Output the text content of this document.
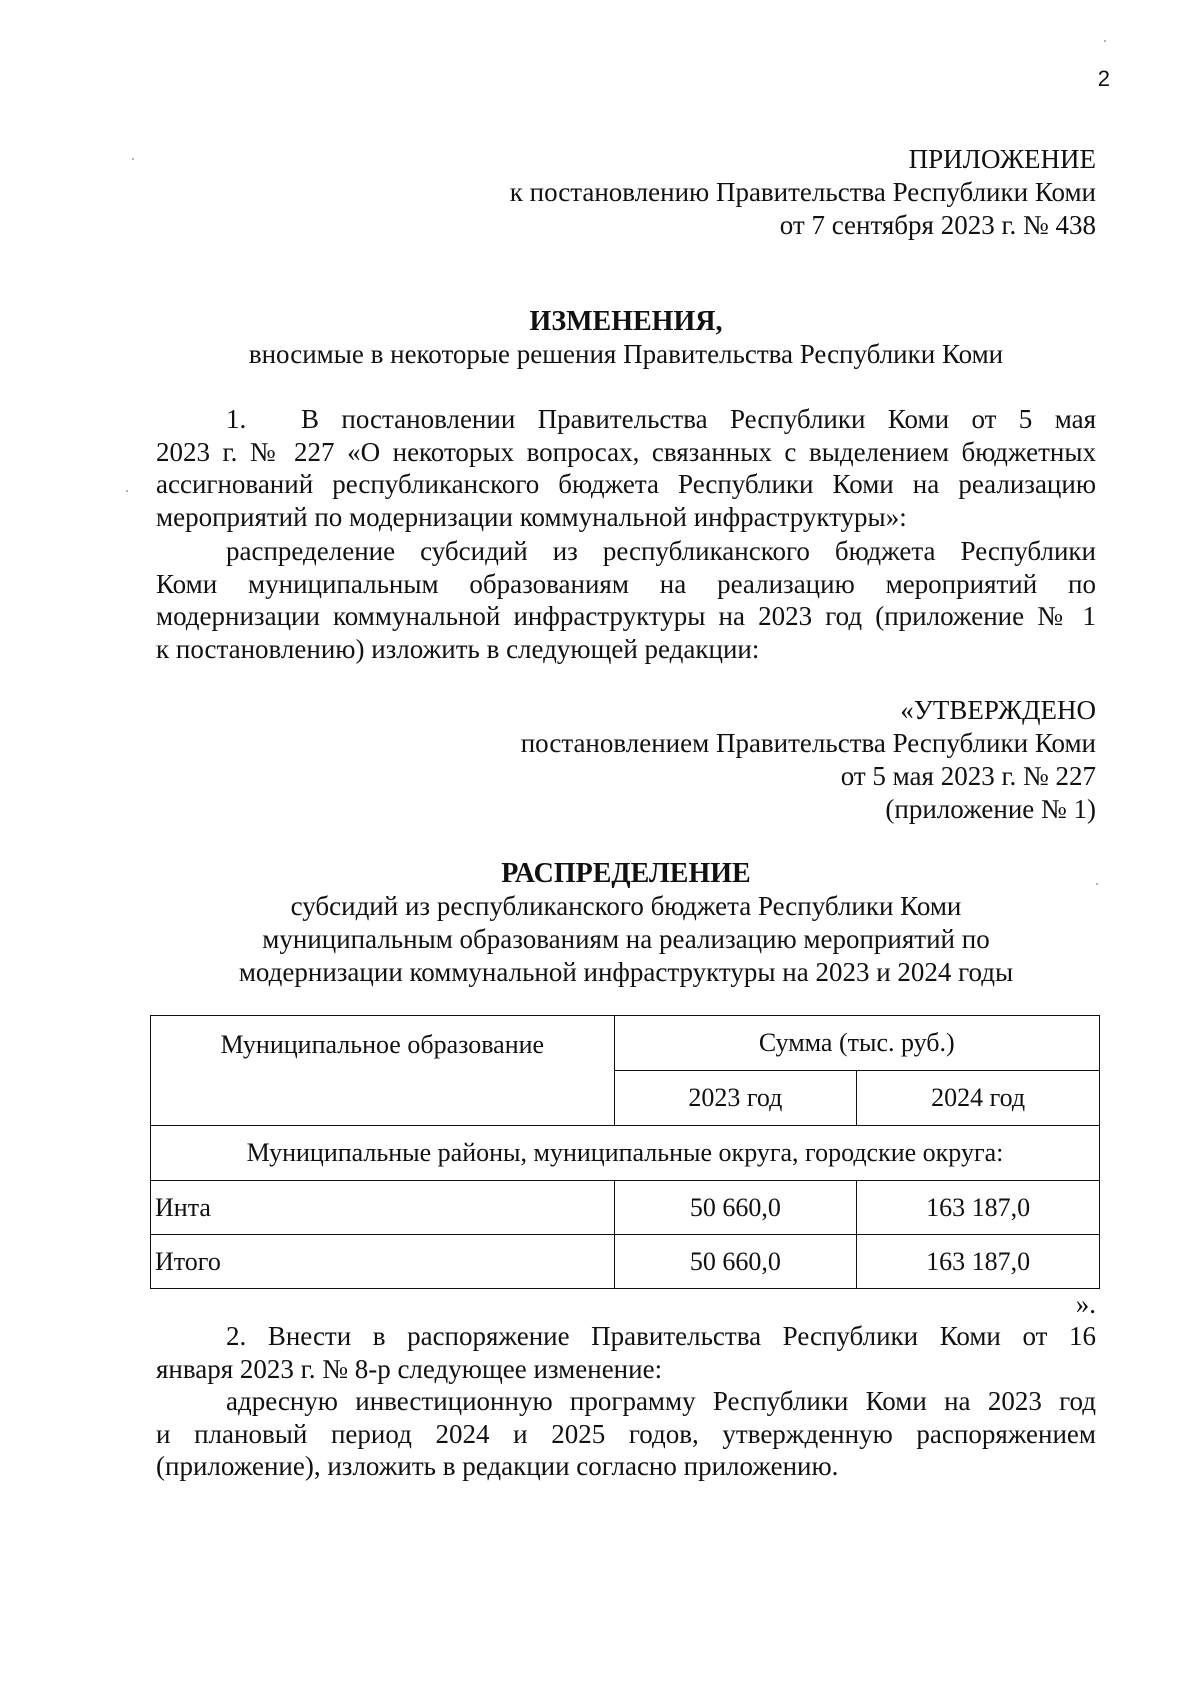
2
ПРИЛОЖЕНИЕ
к постановлению Правительства Республики Коми
от 7 сентября 2023 г. № 438
ИЗМЕНЕНИЯ,
вносимые в некоторые решения Правительства Республики Коми
1. В постановлении Правительства Республики Коми от 5 мая
2023 г. № 227 «О некоторых вопросах, связанных с выделением бюджетных
ассигнований республиканского бюджета Республики Коми на реализацию
мероприятий по модернизации коммунальной инфраструктуры»:
распределение субсидий из республиканского бюджета Республики
Коми муниципальным образованиям на реализацию мероприятий по
модернизации коммунальной инфраструктуры на 2023 год (приложение № 1
к постановлению) изложить в следующей редакции:
«УТВЕРЖДЕНО
постановлением Правительства Республики Коми
от 5 мая 2023 г. № 227
(приложение № 1)
РАСПРЕДЕЛЕНИЕ
субсидий из республиканского бюджета Республики Коми
муниципальным образованиям на реализацию мероприятий по
модернизации коммунальной инфраструктуры на 2023 и 2024 годы
Муниципальное образование	Сумма (тыс. руб.)	
	2023 год	2024 год
Муниципальные районы, муниципальные округа, городские округа:		
Инта	50 660,0	163 187,0
Итого	50 660,0	163 187,0
».
2. Внести в распоряжение Правительства Республики Коми от 16
января 2023 г. № 8-р следующее изменение:
адресную инвестиционную программу Республики Коми на 2023 год
и плановый период 2024 и 2025 годов, утвержденную распоряжением
(приложение), изложить в редакции согласно приложению.
